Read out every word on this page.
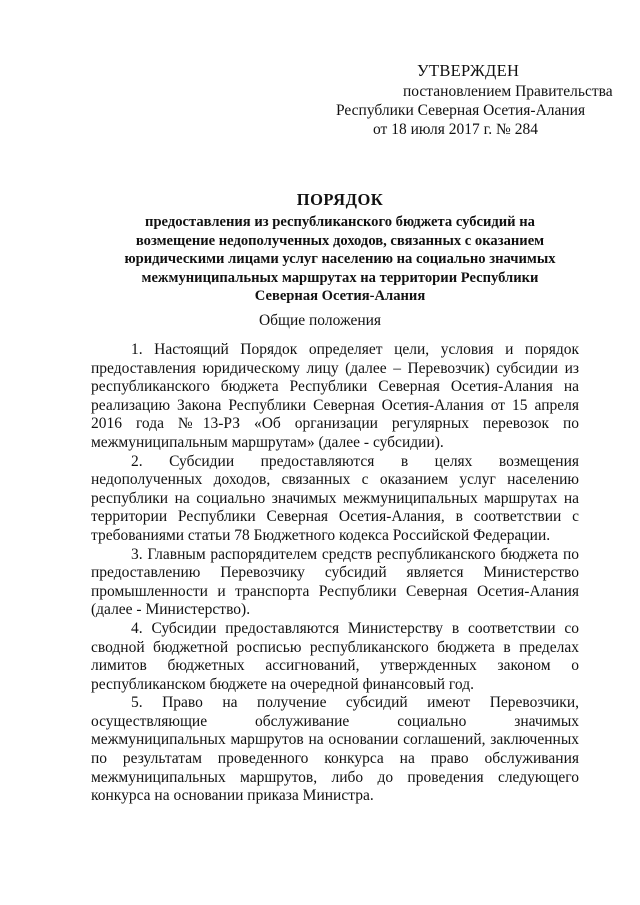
УТВЕРЖДЕН
постановлением Правительства
Республики Северная Осетия-Алания
от 18 июля 2017 г. № 284
ПОРЯДОК
предоставления из республиканского бюджета субсидий на возмещение недополученных доходов, связанных с оказанием юридическими лицами услуг населению на социально значимых межмуниципальных маршрутах на территории Республики Северная Осетия-Алания
Общие положения

1. Настоящий Порядок определяет цели, условия и порядок предоставления юридическому лицу (далее – Перевозчик) субсидии из республиканского бюджета Республики Северная Осетия-Алания на реализацию Закона Республики Северная Осетия-Алания от 15 апреля 2016 года №13-РЗ «Об организации регулярных перевозок по межмуниципальным маршрутам» (далее - субсидии).

2. Субсидии предоставляются в целях возмещения недополученных доходов, связанных с оказанием услуг населению республики на социально значимых межмуниципальных маршрутах на территории Республики Северная Осетия-Алания, в соответствии с требованиями статьи 78 Бюджетного кодекса Российской Федерации.

3. Главным распорядителем средств республиканского бюджета по предоставлению Перевозчику субсидий является Министерство промышленности и транспорта Республики Северная Осетия-Алания (далее - Министерство).

4. Субсидии предоставляются Министерству в соответствии со сводной бюджетной росписью республиканского бюджета в пределах лимитов бюджетных ассигнований, утвержденных законом о республиканском бюджете на очередной финансовый год.

5. Право на получение субсидий имеют Перевозчики, осуществляющие обслуживание социально значимых межмуниципальных маршрутов на основании соглашений, заключенных по результатам проведенного конкурса на право обслуживания межмуниципальных маршрутов, либо до проведения следующего конкурса на основании приказа Министра.
